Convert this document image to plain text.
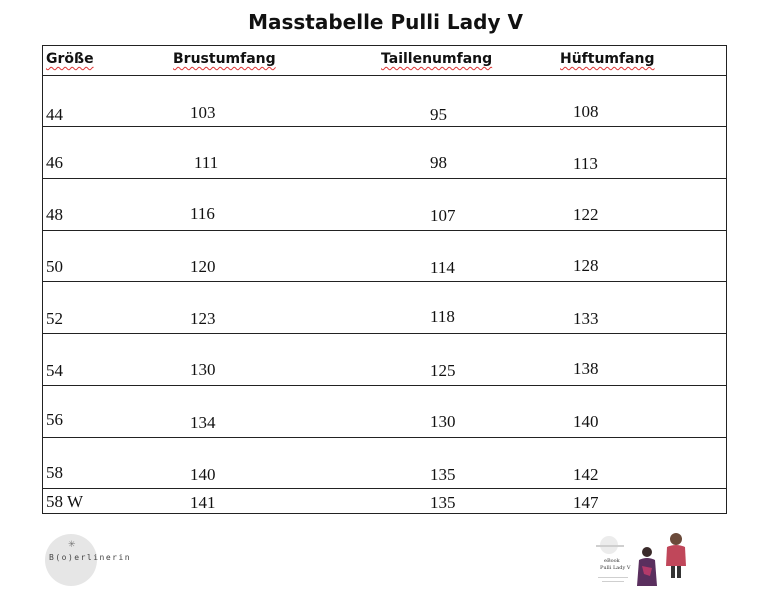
Masstabelle Pulli Lady V
Größe	Brustumfang	Taillenumfang	Hüftumfang
44	103	95	108
46	111	98	113
48	116	107	122
50	120	114	128
52	123	118	133
54	130	125	138
56	134	130	140
58	140	135	142
58 W	141	135	147
✳
B(o)erlinerin	eBook
Pulli Lady V
